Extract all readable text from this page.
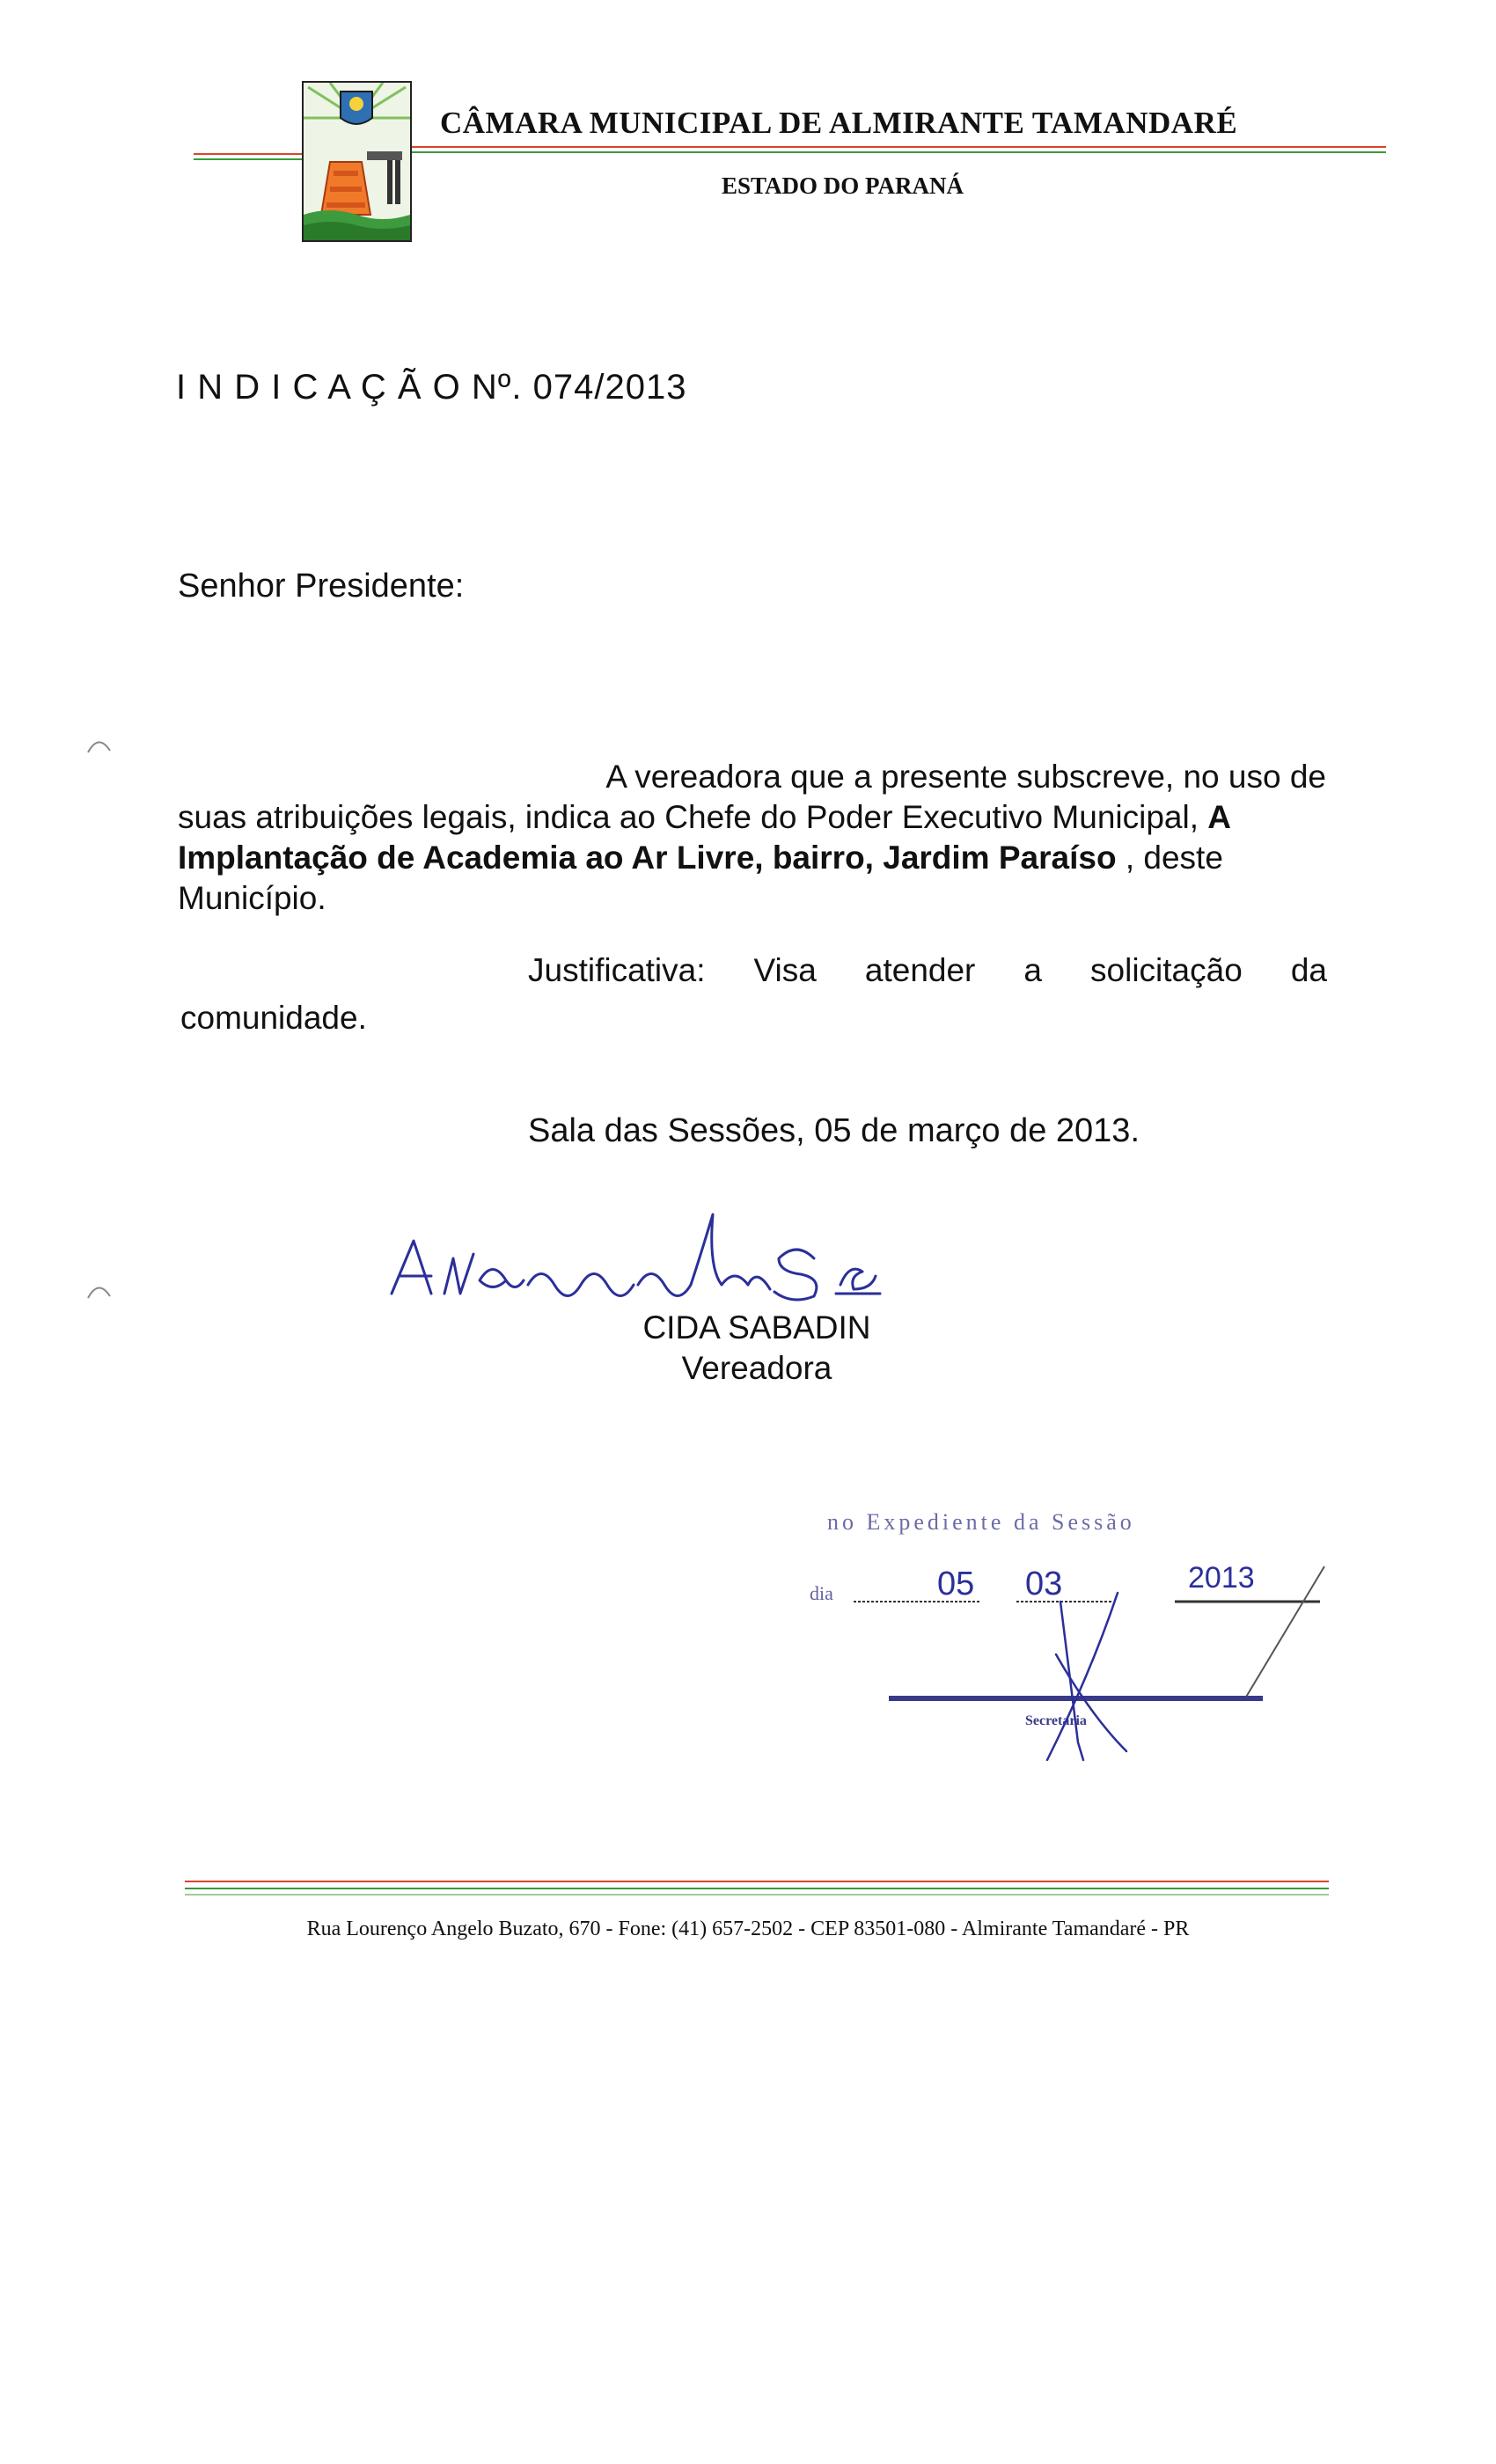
CÂMARA MUNICIPAL DE ALMIRANTE TAMANDARÉ
ESTADO DO PARANÁ
I N D I C A Ç Ã O Nº. 074/2013
Senhor Presidente:
A vereadora que a presente subscreve, no uso de
suas atribuições legais, indica ao Chefe do Poder Executivo Municipal, A Implantação de Academia ao Ar Livre, bairro, Jardim Paraíso , deste Município.
Justificativa: Visa atender a solicitação da
comunidade.
Sala das Sessões, 05 de março de 2013.
CIDA SABADIN
Vereadora
no Expediente da Sessão
dia	05 03	2013
Secretaria
Rua Lourenço Angelo Buzato, 670 - Fone: (41) 657-2502 - CEP 83501-080 - Almirante Tamandaré - PR
